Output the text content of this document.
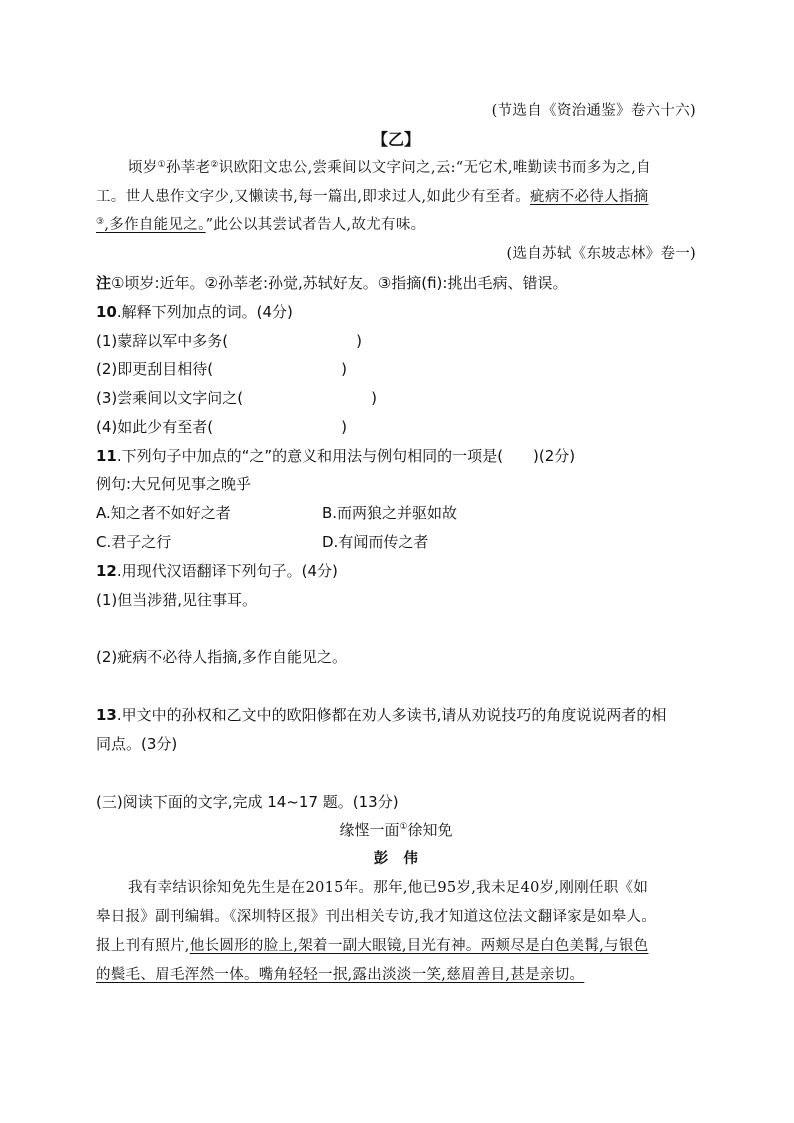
(节选自《资治通鉴》卷六十六)
【乙】
顷岁①孙莘老②识欧阳文忠公,尝乘间以文字问之,云:“无它术,唯勤读书而多为之,自
工。世人患作文字少,又懒读书,每一篇出,即求过人,如此少有至者。疵病不必待人指摘
③,多作自能见之。”此公以其尝试者告人,故尤有味。
(选自苏轼《东坡志林》卷一)
注①顷岁:近年。②孙莘老:孙觉,苏轼好友。③指摘(fi):挑出毛病、错误。
10.解释下列加点的词。(4分)
(1)蒙辞以军中多务(	)
(2)即更刮目相待(	)
(3)尝乘间以文字问之(	)
(4)如此少有至者(	)
11.下列句子中加点的“之”的意义和用法与例句相同的一项是(　　)(2分)
例句:大兄何见事之晚乎
A.知之者不如好之者	B.而两狼之并驱如故
C.君子之行	D.有闻而传之者
12.用现代汉语翻译下列句子。(4分)
(1)但当涉猎,见往事耳。
(2)疵病不必待人指摘,多作自能见之。
13.甲文中的孙权和乙文中的欧阳修都在劝人多读书,请从劝说技巧的角度说说两者的相
同点。(3分)
(三)阅读下面的文字,完成 14~17 题。(13分)
缘悭一面①徐知免
彭　伟
我有幸结识徐知免先生是在2015年。那年,他已95岁,我未足40岁,刚刚任职《如
皋日报》副刊编辑。《深圳特区报》刊出相关专访,我才知道这位法文翻译家是如皋人。
报上刊有照片,他长圆形的脸上,架着一副大眼镜,目光有神。两颊尽是白色美髯,与银色
的鬓毛、眉毛浑然一体。嘴角轻轻一抿,露出淡淡一笑,慈眉善目,甚是亲切。
